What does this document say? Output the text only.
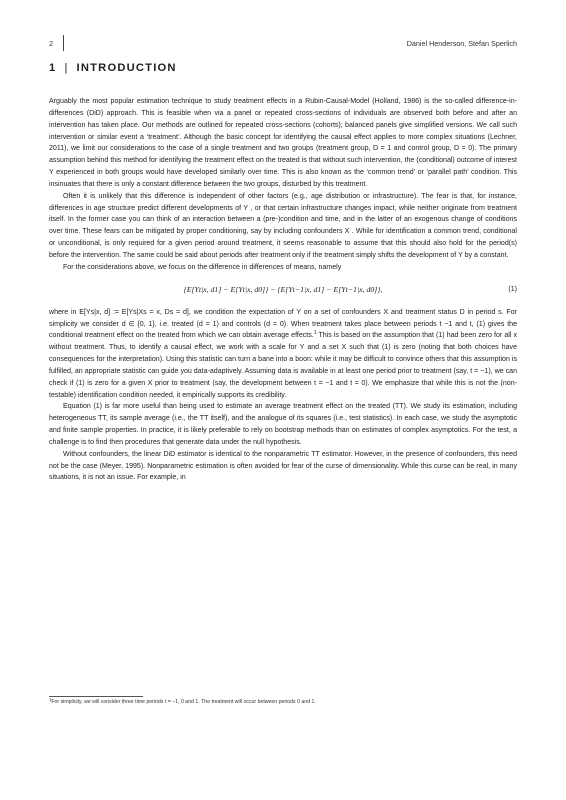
2	Daniel Henderson, Stefan Sperlich
1 | INTRODUCTION

Arguably the most popular estimation technique to study treatment effects in a Rubin-Causal-Model (Holland, 1986) is the so-called difference-in-differences (DiD) approach. This is feasible when via a panel or repeated cross-sections of individuals are observed both before and after an intervention has taken place. Our methods are outlined for repeated cross-sections (cohorts); balanced panels give simplified versions. We call such intervention or similar event a ‘treatment’. Although the basic concept for identifying the causal effect applies to more complex situations (Lechner, 2011), we limit our considerations to the case of a single treatment and two groups (treatment group, D = 1 and control group, D = 0). The primary assumption behind this method for identifying the treatment effect on the treated is that without such intervention, the (conditional) outcome of interest Y experienced in both groups would have developed similarly over time. This is also known as the ‘common trend’ or ‘parallel path’ condition. This insinuates that there is only a constant difference between the two groups, disturbed by this treatment.

Often it is unlikely that this difference is independent of other factors (e.g., age distribution or infrastructure). The fear is that, for instance, differences in age structure predict different developments of Y , or that certain infrastructure changes impact, while neither originate from treatment itself. In the former case you can think of an interaction between a (pre-)condition and time, and in the latter of an exogenous change of conditions over time. These fears can be mitigated by proper conditioning, say by including confounders X . While for identification a common trend, conditional or unconditional, is only required for a given period around treatment, it seems reasonable to assume that this should also hold for the period(s) before the intervention. The same could be said about periods after treatment only if the treatment simply shifts the development of Y by a constant.

For the considerations above, we focus on the difference in differences of means, namely

{E[Yt|x, d1] − E[Yt|x, d0]} − {E[Yt−1|x, d1] − E[Yt−1|x, d0]},	(1)

where in E[Ys|x, d] := E[Ys|Xs = x, Ds = d], we condition the expectation of Y on a set of confounders X and treatment status D in period s. For simplicity we consider d ∈ {0, 1}, i.e. treated (d = 1) and controls (d = 0). When treatment takes place between periods t −1 and t, (1) gives the conditional treatment effect on the treated from which we can obtain average effects.$^1$ This is based on the assumption that (1) had been zero for all x without treatment. Thus, to identify a causal effect, we work with a scale for Y and a set X such that (1) is zero (noting that both choices have consequences for the interpretation). Using this statistic can turn a bane into a boon: while it may be difficult to convince others that this assumption is fulfilled, an appropriate statistic can guide you data-adaptively. Assuming data is available in at least one period prior to treatment (say, t = −1), we can check if (1) is zero for a given X prior to treatment (say, the development between t = −1 and t = 0). We emphasize that while this is not the (non-testable) identification condition needed, it empirically supports its credibility.

Equation (1) is far more useful than being used to estimate an average treatment effect on the treated (TT). We study its estimation, including heterogeneous TT, its sample average (i.e., the TT itself), and the analogue of its squares (i.e., test statistics). In each case, we study the asymptotic and finite sample properties. In practice, it is likely preferable to rely on bootstrap methods than on estimates of complex asymptotics. For the test, a challenge is to find then procedures that generate data under the null hypothesis.

Without confounders, the linear DiD estimator is identical to the nonparametric TT estimator. However, in the presence of confounders, this need not be the case (Meyer, 1995). Nonparametric estimation is often avoided for fear of the curse of dimensionality. While this curse can be real, in many situations, it is not an issue. For example, in

$^1$For simplicity, we will consider three time periods t = −1, 0 and 1. The treatment will occur between periods 0 and 1.
